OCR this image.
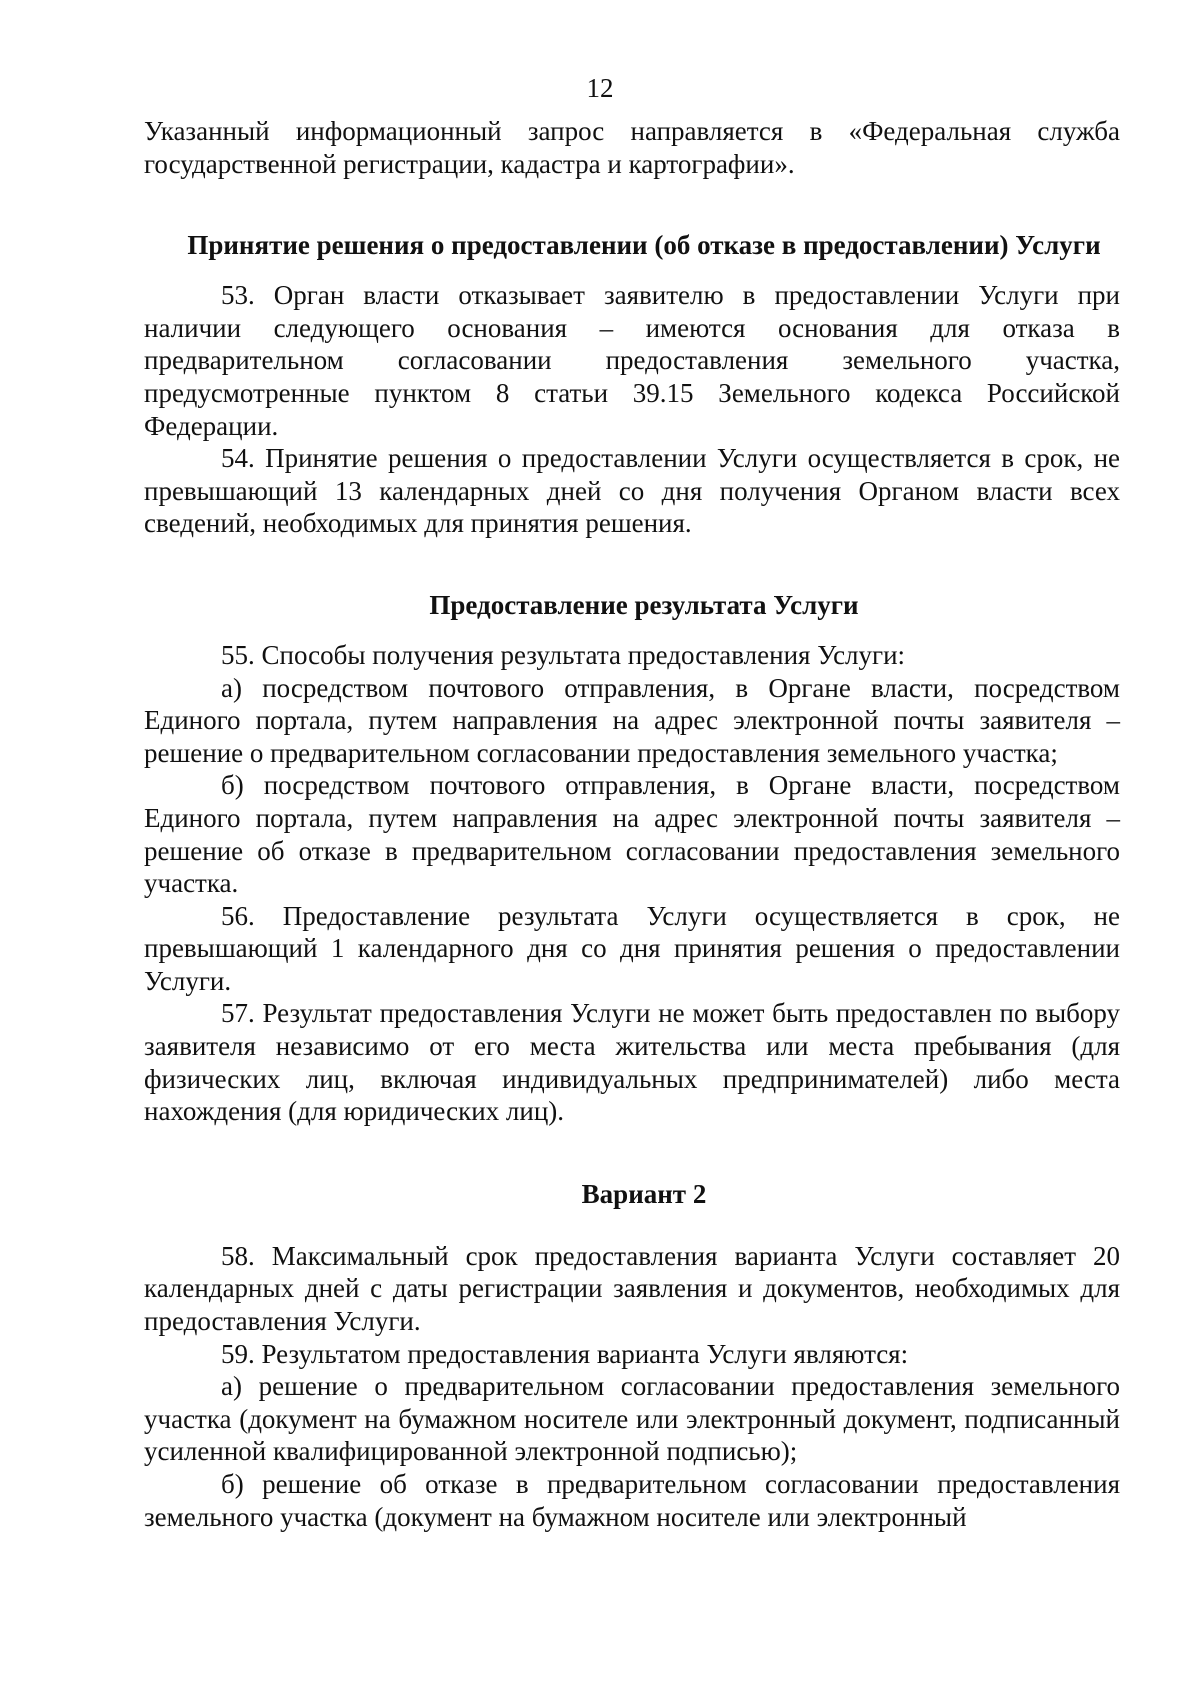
12

Указанный информационный запрос направляется в «Федеральная служба государственной регистрации, кадастра и картографии».

Принятие решения о предоставлении (об отказе в предоставлении) Услуги

53. Орган власти отказывает заявителю в предоставлении Услуги при наличии следующего основания – имеются основания для отказа в предварительном согласовании предоставления земельного участка, предусмотренные пунктом 8 статьи 39.15 Земельного кодекса Российской Федерации.

54. Принятие решения о предоставлении Услуги осуществляется в срок, не превышающий 13 календарных дней со дня получения Органом власти всех сведений, необходимых для принятия решения.

Предоставление результата Услуги

55. Способы получения результата предоставления Услуги:

а) посредством почтового отправления, в Органе власти, посредством Единого портала, путем направления на адрес электронной почты заявителя – решение о предварительном согласовании предоставления земельного участка;

б) посредством почтового отправления, в Органе власти, посредством Единого портала, путем направления на адрес электронной почты заявителя – решение об отказе в предварительном согласовании предоставления земельного участка.

56. Предоставление результата Услуги осуществляется в срок, не превышающий 1 календарного дня со дня принятия решения о предоставлении Услуги.

57. Результат предоставления Услуги не может быть предоставлен по выбору заявителя независимо от его места жительства или места пребывания (для физических лиц, включая индивидуальных предпринимателей) либо места нахождения (для юридических лиц).

Вариант 2

58. Максимальный срок предоставления варианта Услуги составляет 20 календарных дней с даты регистрации заявления и документов, необходимых для предоставления Услуги.

59. Результатом предоставления варианта Услуги являются:

а) решение о предварительном согласовании предоставления земельного участка (документ на бумажном носителе или электронный документ, подписанный усиленной квалифицированной электронной подписью);

б) решение об отказе в предварительном согласовании предоставления земельного участка (документ на бумажном носителе или электронный
